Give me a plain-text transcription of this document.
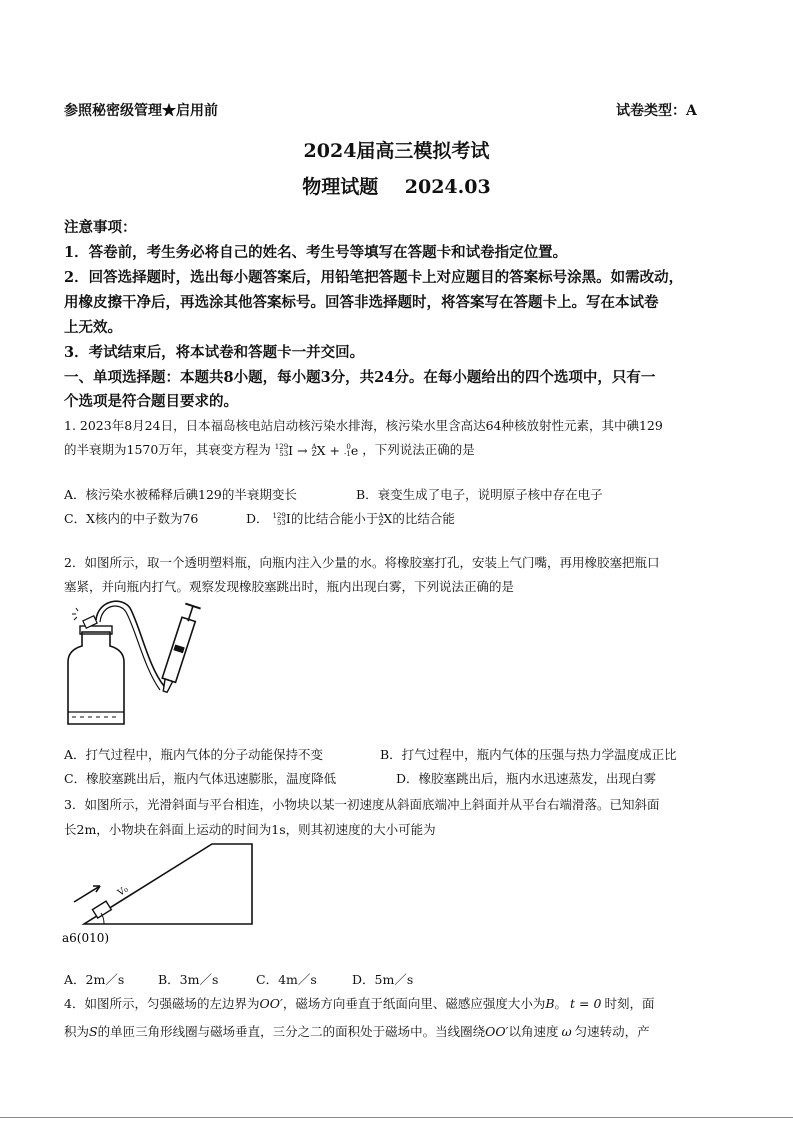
参照秘密级管理★启用前	试卷类型：A
2024届高三模拟考试
物理试题    2024.03
注意事项：
1．答卷前，考生务必将自己的姓名、考生号等填写在答题卡和试卷指定位置。
2．回答选择题时，选出每小题答案后，用铅笔把答题卡上对应题目的答案标号涂黑。如需改动，
用橡皮擦干净后，再选涂其他答案标号。回答非选择题时，将答案写在答题卡上。写在本试卷
上无效。
3．考试结束后，将本试卷和答题卡一并交回。
一、单项选择题：本题共8小题，每小题3分，共24分。在每小题给出的四个选项中，只有一
个选项是符合题目要求的。
1. 2023年8月24日，日本福岛核电站启动核污染水排海，核污染水里含高达64种核放射性元素，其中碘129
的半衰期为1570万年，其衰变方程为 129
53 I → A
Z X + 0
-1 e ，下列说法正确的是
A．核污染水被稀释后碘129的半衰期变长	B．衰变生成了电子，说明原子核中存在电子
C．X核内的中子数为76	D． 129
53 I的比结合能小于 A
Z X的比结合能
2．如图所示，取一个透明塑料瓶，向瓶内注入少量的水。将橡胶塞打孔，安装上气门嘴，再用橡胶塞把瓶口
塞紧，并向瓶内打气。观察发现橡胶塞跳出时，瓶内出现白雾，下列说法正确的是
A．打气过程中，瓶内气体的分子动能保持不变	B．打气过程中，瓶内气体的压强与热力学温度成正比
C．橡胶塞跳出后，瓶内气体迅速膨胀，温度降低	D．橡胶塞跳出后，瓶内水迅速蒸发，出现白雾
3．如图所示，光滑斜面与平台相连，小物块以某一初速度从斜面底端冲上斜面并从平台右端滑落。已知斜面
长2m，小物块在斜面上运动的时间为1s，则其初速度的大小可能为
V₀
a6(010)
A．2m／s	B．3m／s	C．4m／s	D．5m／s
4．如图所示，匀强磁场的左边界为OO′，磁场方向垂直于纸面向里、磁感应强度大小为B。 t = 0 时刻，面
积为S的单匝三角形线圈与磁场垂直，三分之二的面积处于磁场中。当线圈绕OO′以角速度 ω 匀速转动，产
